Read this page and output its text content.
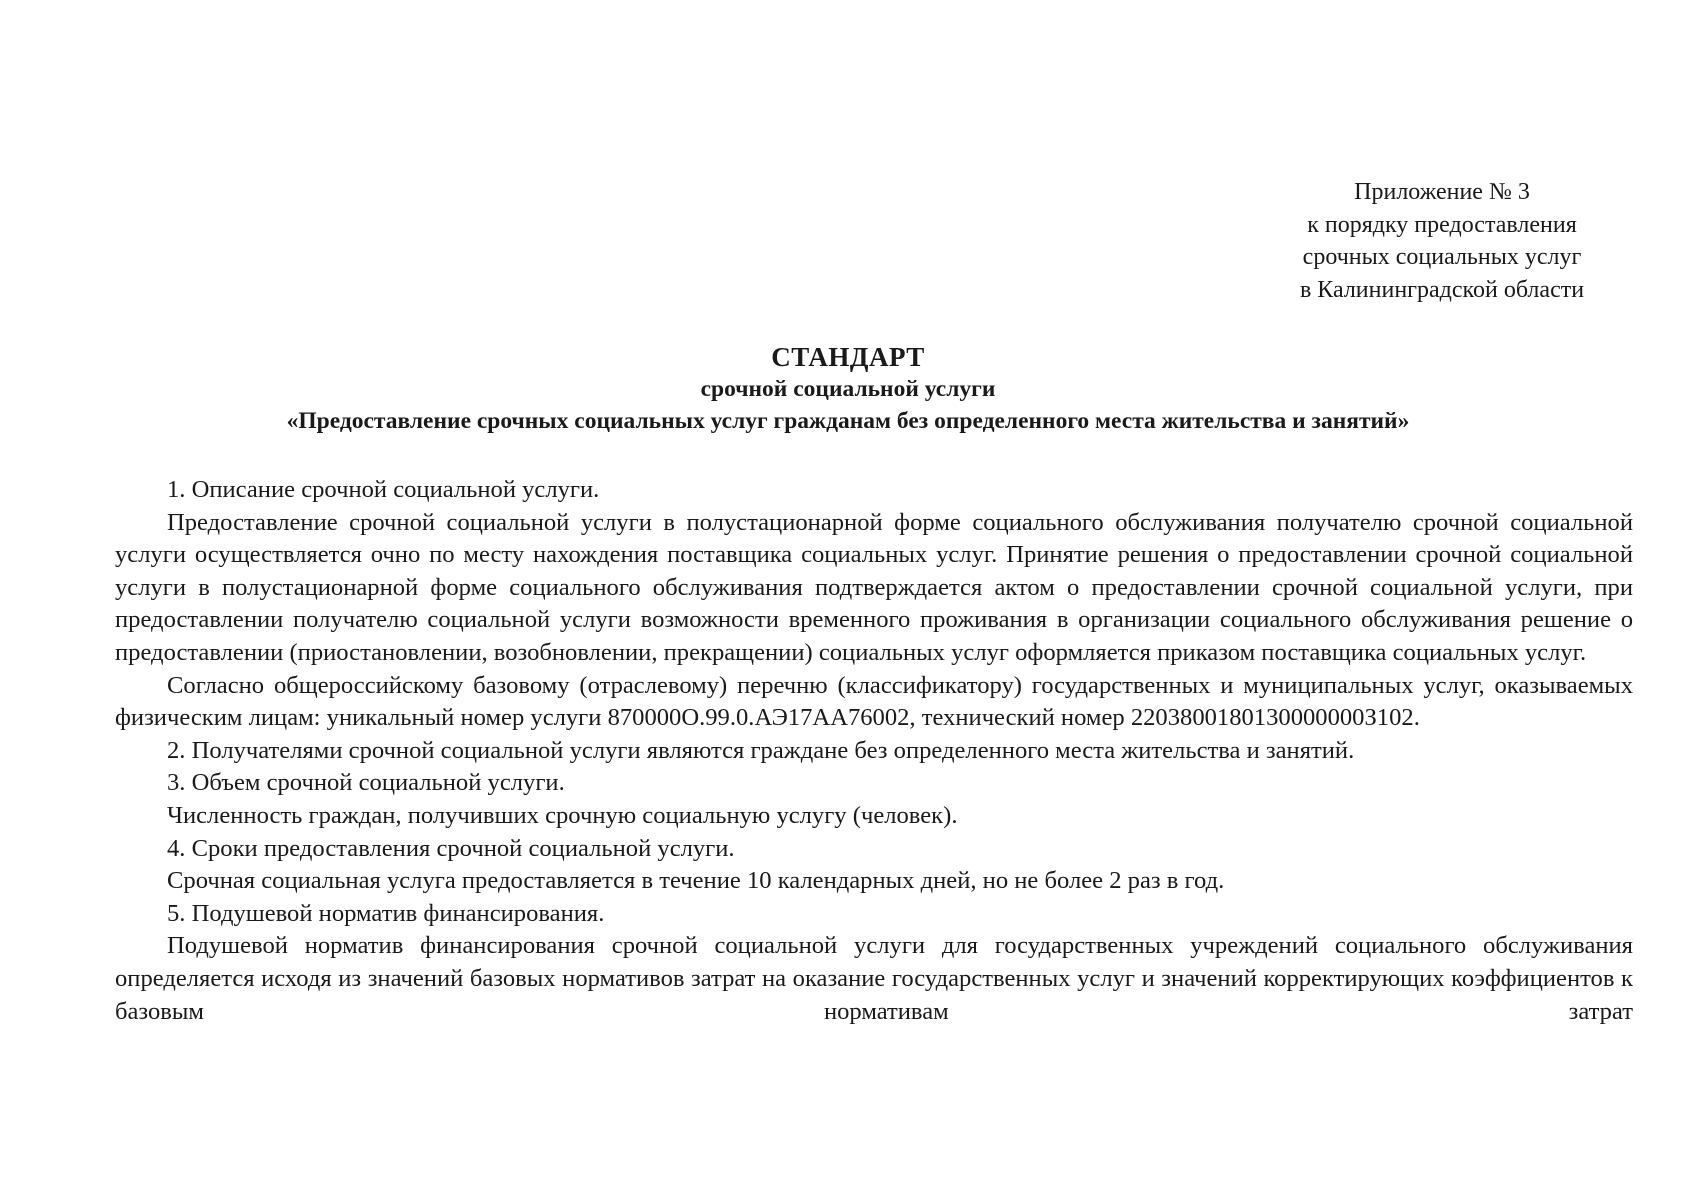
Приложение № 3
к порядку предоставления
срочных социальных услуг
в Калининградской области
СТАНДАРТ
срочной социальной услуги
«Предоставление срочных социальных услуг гражданам без определенного места жительства и занятий»

1. Описание срочной социальной услуги.

Предоставление срочной социальной услуги в полустационарной форме социального обслуживания получателю срочной социальной услуги осуществляется очно по месту нахождения поставщика социальных услуг. Принятие решения о предоставлении срочной социальной услуги в полустационарной форме социального обслуживания подтверждается актом о предоставлении срочной социальной услуги, при предоставлении получателю социальной услуги возможности временного проживания в организации социального обслуживания решение о предоставлении (приостановлении, возобновлении, прекращении) социальных услуг оформляется приказом поставщика социальных услуг.

Согласно общероссийскому базовому (отраслевому) перечню (классификатору) государственных и муниципальных услуг, оказываемых физическим лицам: уникальный номер услуги 870000О.99.0.АЭ17АА76002, технический номер 2203800180130000000З102.

2. Получателями срочной социальной услуги являются граждане без определенного места жительства и занятий.

3. Объем срочной социальной услуги.

Численность граждан, получивших срочную социальную услугу (человек).

4. Сроки предоставления срочной социальной услуги.

Срочная социальная услуга предоставляется в течение 10 календарных дней, но не более 2 раз в год.

5. Подушевой норматив финансирования.

Подушевой норматив финансирования срочной социальной услуги для государственных учреждений социального обслуживания определяется исходя из значений базовых нормативов затрат на оказание государственных услуг и значений корректирующих коэффициентов к базовым нормативам затрат
